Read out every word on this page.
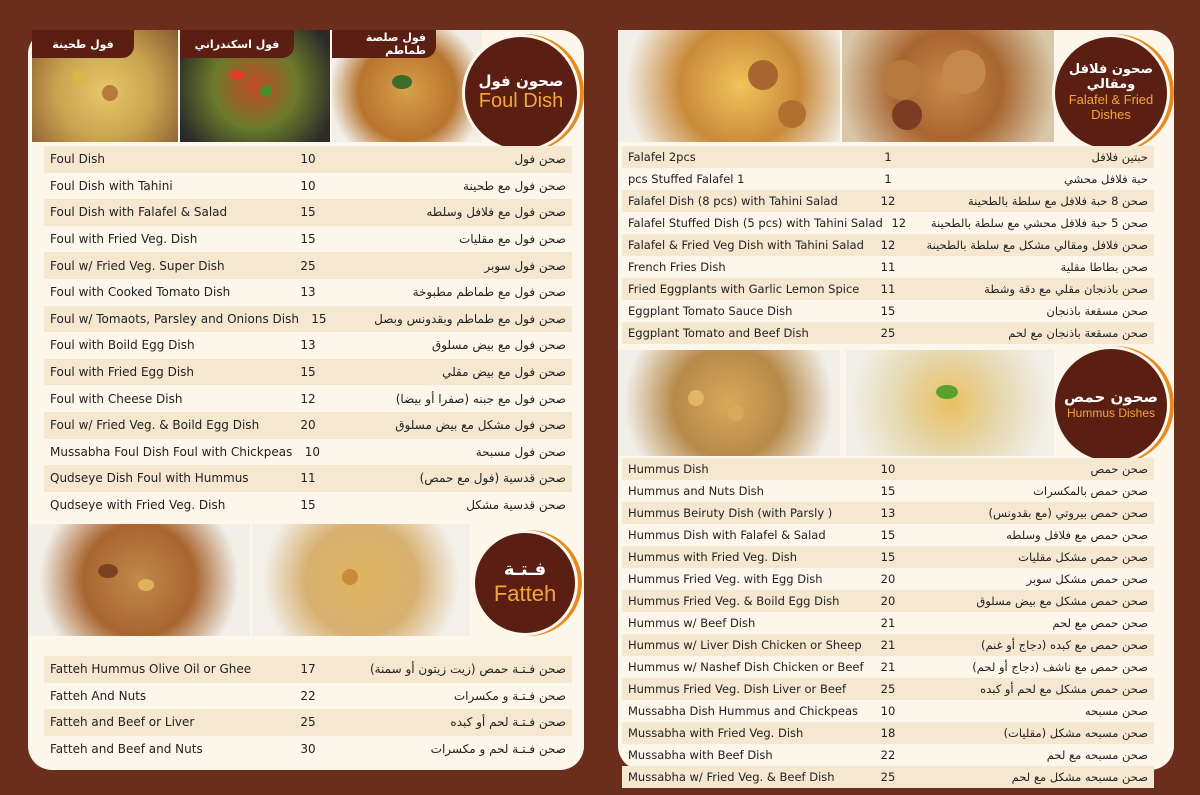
فول طحينة	فول اسكندراني	فول صلصة طماطم
صحون فول
Foul Dish
Foul Dish	10	صحن فول
Foul Dish with Tahini	10	صحن فول مع طحينة
Foul Dish with Falafel & Salad	15	صحن فول مع فلافل وسلطه
Foul with Fried Veg. Dish	15	صحن فول مع مقليات
Foul w/ Fried Veg. Super Dish	25	صحن فول سوبر
Foul with Cooked Tomato Dish	13	صحن فول مع طماطم مطبوخة
Foul w/ Tomaots, Parsley and Onions Dish	15	صحن فول مع طماطم وبقدونس وبصل
Foul with Boild Egg Dish	13	صحن فول مع بيض مسلوق
Foul with Fried Egg Dish	15	صحن فول مع بيض مقلي
Foul with Cheese Dish	12	صحن فول مع جبنه (صفرا أو بيضا)
Foul w/ Fried Veg. & Boild Egg Dish	20	صحن فول مشكل مع بيض مسلوق
Mussabha Foul Dish Foul with Chickpeas	10	صحن فول مسبحة
Qudseye Dish Foul with Hummus	11	صحن قدسية (فول مع حمص)
Qudseye with Fried Veg. Dish	15	صحن قدسية مشكل
فـتـة
Fatteh
Fatteh Hummus Olive Oil or Ghee	17	صحن فـتـة حمص (زيت زيتون أو سمنة)
Fatteh And Nuts	22	صحن فـتـة و مكسرات
Fatteh and Beef or Liver	25	صحن فـتـة لحم أو كبده
Fatteh and Beef and Nuts	30	صحن فـتـة لحم و مكسرات
صحون فلافل ومقالي
Falafel & Fried
Dishes
Falafel 2pcs	1	حبتين فلافل
pcs Stuffed Falafel 1	1	حبة فلافل محشي
Falafel Dish (8 pcs) with Tahini Salad	12	صحن 8 حبة فلافل مع سلطة بالطحينة
Falafel Stuffed Dish (5 pcs) with Tahini Salad 12	صحن 5 حبة فلافل محشي مع سلطة بالطحينة
Falafel & Fried Veg Dish with Tahini Salad	12	صحن فلافل ومقالي مشكل مع سلطة بالطحينة
French Fries Dish	11	صحن بطاطا مقلية
Fried Eggplants with Garlic Lemon Spice	11	صحن باذنجان مقلي مع دقة وشطة
Eggplant Tomato Sauce Dish	15	صحن مسقعة باذنجان
Eggplant Tomato and Beef Dish	25	صحن مسقعة باذنجان مع لحم
صحون حمص
Hummus Dishes
Hummus Dish	10	صحن حمص
Hummus and Nuts Dish	15	صحن حمص بالمكسرات
Hummus Beiruty Dish (with Parsly )	13	صحن حمص بيروتي (مع بقدونس)
Hummus Dish with Falafel & Salad	15	صحن حمص مع فلافل وسلطه
Hummus with Fried Veg. Dish	15	صحن حمص مشكل مقليات
Hummus Fried Veg. with Egg Dish	20	صحن حمص مشكل سوبر
Hummus Fried Veg. & Boild Egg Dish	20	صحن حمص مشكل مع بيض مسلوق
Hummus w/ Beef Dish	21	صحن حمص مع لحم
Hummus w/ Liver Dish Chicken or Sheep	21	صحن حمص مع كبده (دجاج أو غنم)
Hummus w/ Nashef Dish Chicken or Beef	21	صحن حمص مع ناشف (دجاج أو لحم)
Hummus Fried Veg. Dish Liver or Beef	25	صحن حمص مشكل مع لحم أو كبده
Mussabha Dish Hummus and Chickpeas	10	صحن مسبحه
Mussabha with Fried Veg. Dish	18	صحن مسبحه مشكل (مقليات)
Mussabha with Beef Dish	22	صحن مسبحه مع لحم
Mussabha w/ Fried Veg. & Beef Dish	25	صحن مسبحه مشكل مع لحم
